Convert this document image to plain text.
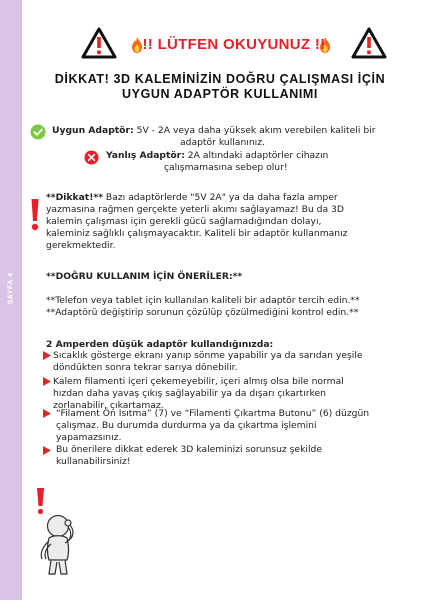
SAYFA 4
!! LÜTFEN OKUYUNUZ !!
DİKKAT! 3D KALEMİNİZİN DOĞRU ÇALIŞMASI İÇİN
UYGUN ADAPTÖR KULLANIMI
Uygun Adaptör: 5V - 2A veya daha yüksek akım verebilen kaliteli bir
adaptör kullanınız.
Yanlış Adaptör: 2A altındaki adaptörler cihazın
çalışmamasına sebep olur!
**Dikkat!** Bazı adaptörlerde "5V 2A" ya da daha fazla amper
yazmasına rağmen gerçekte yeterli akımı sağlayamaz! Bu da 3D
kalemin çalışması için gerekli gücü sağlamadığından dolayı,
kaleminiz sağlıklı çalışmayacaktır. Kaliteli bir adaptör kullanmanız
gerekmektedir.
**DOĞRU KULLANIM İÇİN ÖNERİLER:**
**Telefon veya tablet için kullanılan kaliteli bir adaptör tercih edin.**
**Adaptörü değiştirip sorunun çözülüp çözülmediğini kontrol edin.**
2 Amperden düşük adaptör kullandığınızda:
Sıcaklık gösterge ekranı yanıp sönme yapabilir ya da sarıdan yeşile
döndükten sonra tekrar sarıya dönebilir.
Kalem filamenti içeri çekemeyebilir, içeri almış olsa bile normal
hızdan daha yavaş çıkış sağlayabilir ya da dışarı çıkartırken
zorlanabilir, çıkartamaz.
“Filament Ön Isıtma” (7) ve “Filamenti Çıkartma Butonu” (6) düzgün
çalışmaz. Bu durumda durdurma ya da çıkartma işlemini
yapamazsınız.
Bu önerilere dikkat ederek 3D kaleminizi sorunsuz şekilde
kullanabilirsiniz!
